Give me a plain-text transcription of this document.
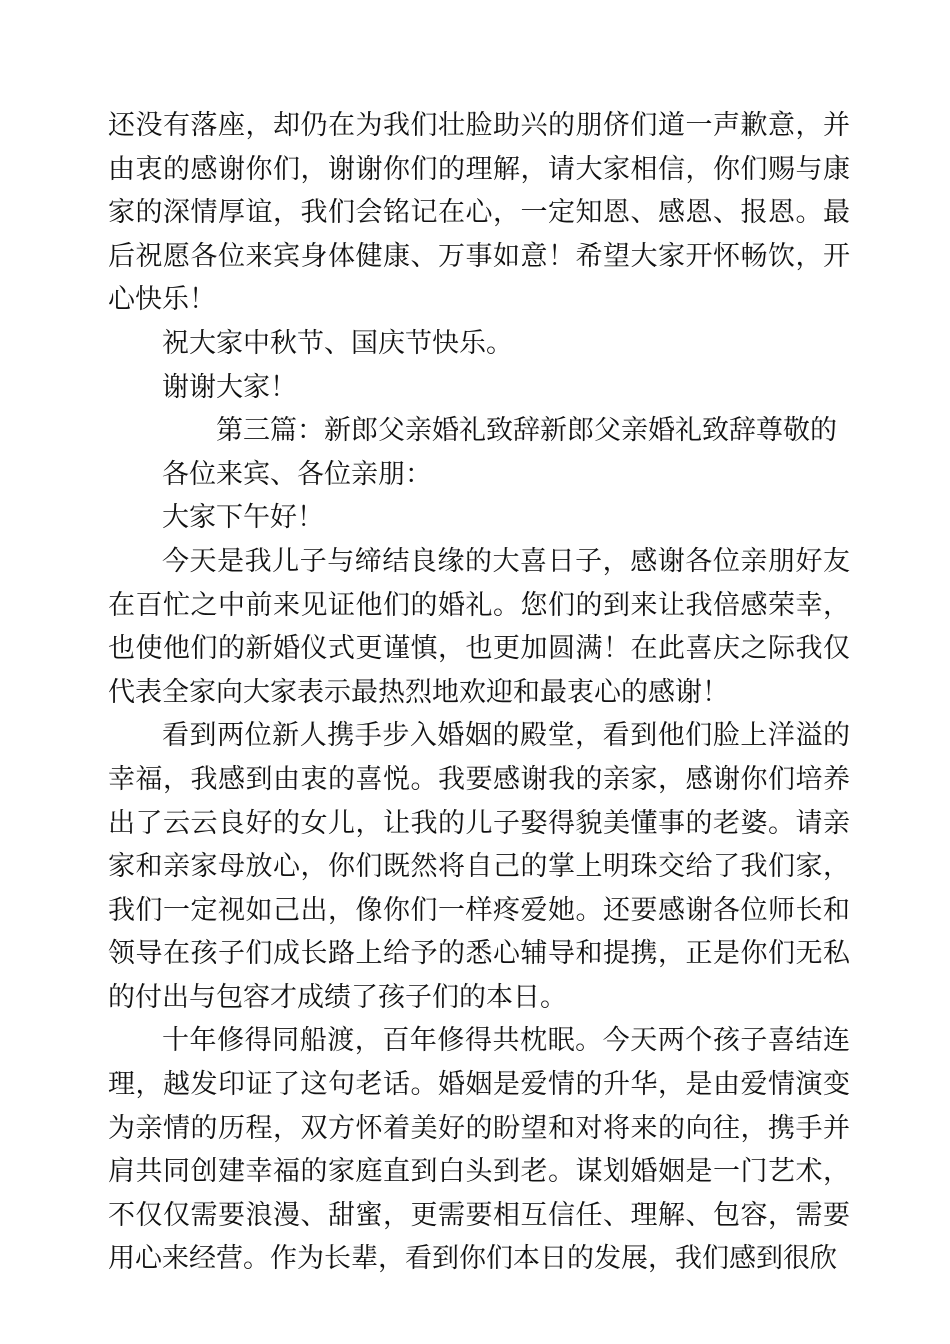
还没有落座，却仍在为我们壮脸助兴的朋侪们道一声歉意，并由衷的感谢你们，谢谢你们的理解，请大家相信，你们赐与康家的深情厚谊，我们会铭记在心，一定知恩、感恩、报恩。最后祝愿各位来宾身体健康、万事如意！希望大家开怀畅饮，开心快乐！

祝大家中秋节、国庆节快乐。

谢谢大家！

第三篇：新郎父亲婚礼致辞新郎父亲婚礼致辞尊敬的
各位来宾、各位亲朋：

大家下午好！

今天是我儿子与缔结良缘的大喜日子，感谢各位亲朋好友在百忙之中前来见证他们的婚礼。您们的到来让我倍感荣幸，也使他们的新婚仪式更谨慎，也更加圆满！在此喜庆之际我仅代表全家向大家表示最热烈地欢迎和最衷心的感谢！

看到两位新人携手步入婚姻的殿堂，看到他们脸上洋溢的幸福，我感到由衷的喜悦。我要感谢我的亲家，感谢你们培养出了云云良好的女儿，让我的儿子娶得貌美懂事的老婆。请亲家和亲家母放心，你们既然将自己的掌上明珠交给了我们家，我们一定视如己出，像你们一样疼爱她。还要感谢各位师长和领导在孩子们成长路上给予的悉心辅导和提携，正是你们无私的付出与包容才成绩了孩子们的本日。

十年修得同船渡，百年修得共枕眠。今天两个孩子喜结连理，越发印证了这句老话。婚姻是爱情的升华，是由爱情演变为亲情的历程，双方怀着美好的盼望和对将来的向往，携手并肩共同创建幸福的家庭直到白头到老。谋划婚姻是一门艺术，不仅仅需要浪漫、甜蜜，更需要相互信任、理解、包容，需要用心来经营。作为长辈，看到你们本日的发展，我们感到很欣
